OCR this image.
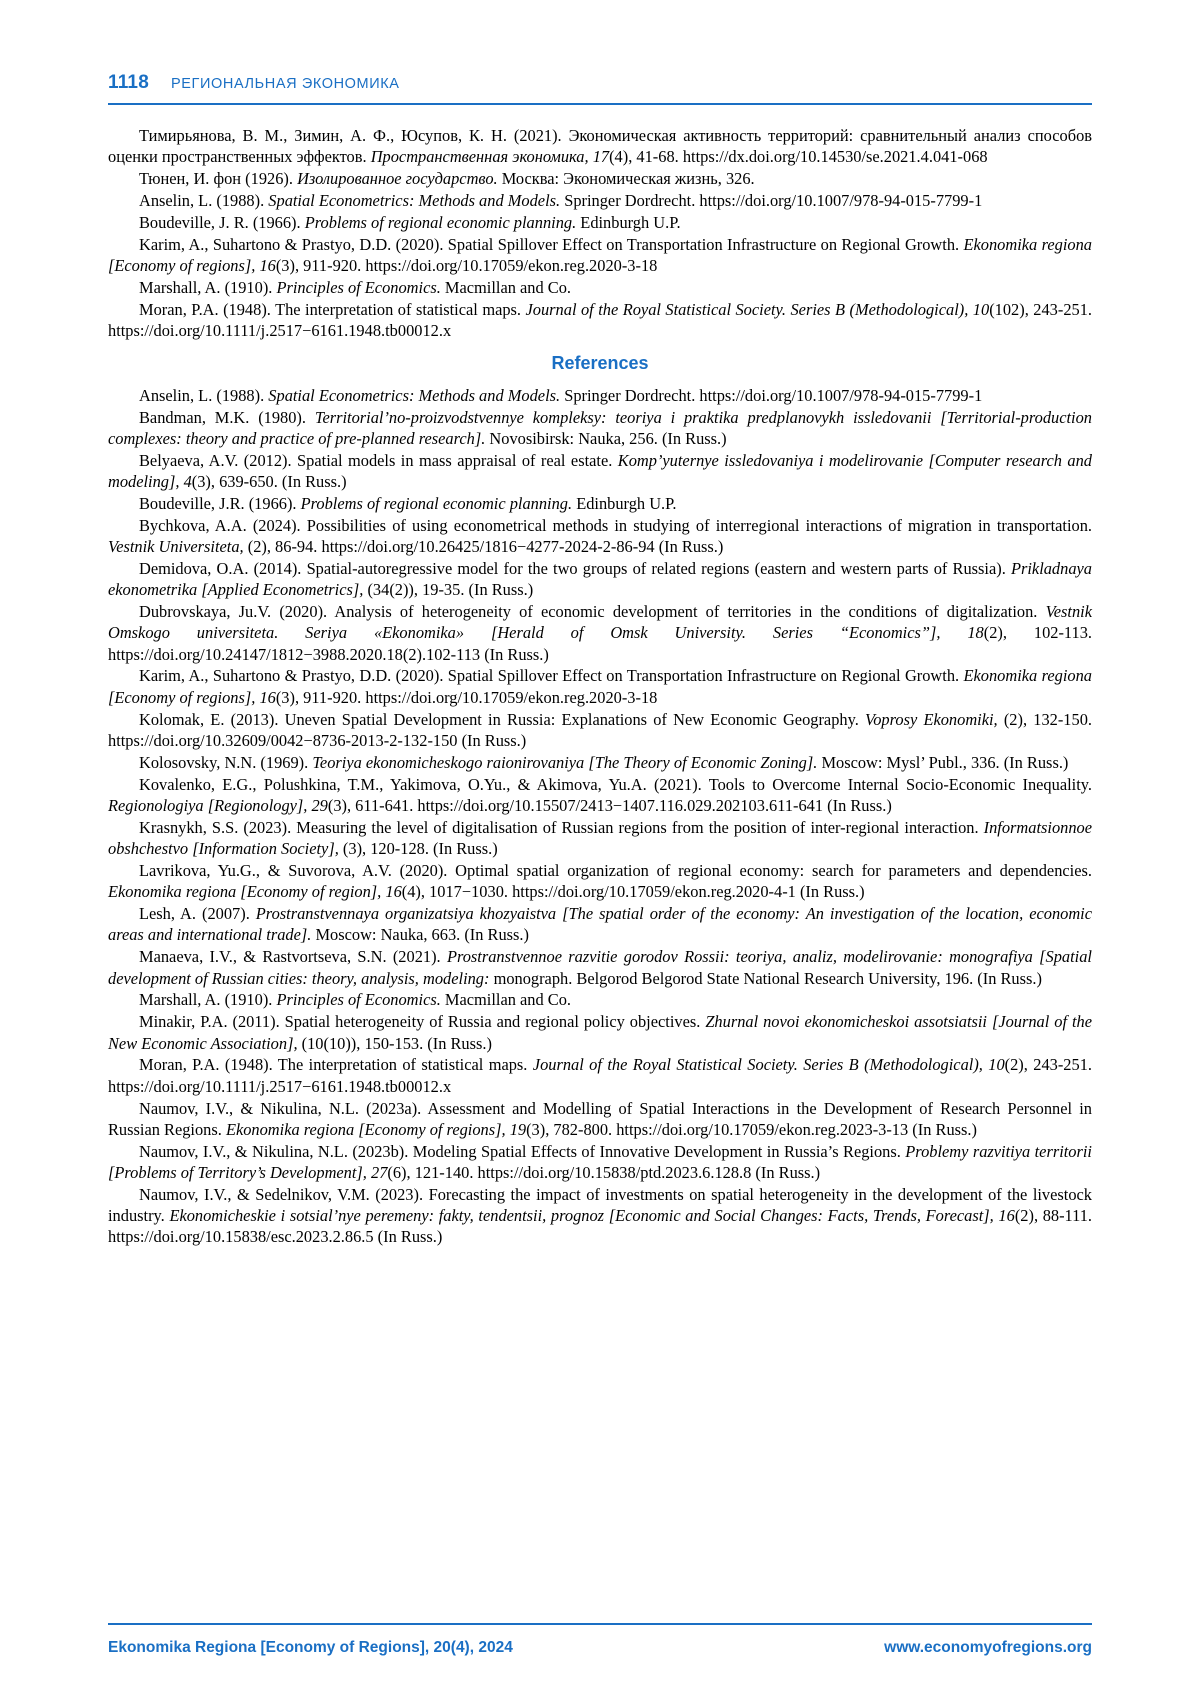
1118 РЕГИОНАЛЬНАЯ ЭКОНОМИКА

Тимирьянова, В. М., Зимин, А. Ф., Юсупов, К. Н. (2021). Экономическая активность территорий: сравнительный анализ способов оценки пространственных эффектов. Пространственная экономика, 17(4), 41-68. https://dx.doi.org/10.14530/se.2021.4.041-068

Тюнен, И. фон (1926). Изолированное государство. Москва: Экономическая жизнь, 326.

Anselin, L. (1988). Spatial Econometrics: Methods and Models. Springer Dordrecht. https://doi.org/10.1007/978-94-015-7799-1

Boudeville, J. R. (1966). Problems of regional economic planning. Edinburgh U.P.

Karim, A., Suhartono & Prastyo, D.D. (2020). Spatial Spillover Effect on Transportation Infrastructure on Regional Growth. Ekonomika regiona [Economy of regions], 16(3), 911-920. https://doi.org/10.17059/ekon.reg.2020-3-18

Marshall, A. (1910). Principles of Economics. Macmillan and Co.

Moran, P.A. (1948). The interpretation of statistical maps. Journal of the Royal Statistical Society. Series B (Methodological), 10(102), 243-251. https://doi.org/10.1111/j.2517−6161.1948.tb00012.x

References

Anselin, L. (1988). Spatial Econometrics: Methods and Models. Springer Dordrecht. https://doi.org/10.1007/978-94-015-7799-1

Bandman, M.K. (1980). Territorial’no-proizvodstvennye kompleksy: teoriya i praktika predplanovykh issledovanii [Territorial-production complexes: theory and practice of pre-planned research]. Novosibirsk: Nauka, 256. (In Russ.)

Belyaeva, A.V. (2012). Spatial models in mass appraisal of real estate. Komp’yuternye issledovaniya i modelirovanie [Computer research and modeling], 4(3), 639-650. (In Russ.)

Boudeville, J.R. (1966). Problems of regional economic planning. Edinburgh U.P.

Bychkova, A.A. (2024). Possibilities of using econometrical methods in studying of interregional interactions of migration in transportation. Vestnik Universiteta, (2), 86-94. https://doi.org/10.26425/1816−4277-2024-2-86-94 (In Russ.)

Demidova, O.A. (2014). Spatial-autoregressive model for the two groups of related regions (eastern and western parts of Russia). Prikladnaya ekonometrika [Applied Econometrics], (34(2)), 19-35. (In Russ.)

Dubrovskaya, Ju.V. (2020). Analysis of heterogeneity of economic development of territories in the conditions of digitalization. Vestnik Omskogo universiteta. Seriya «Ekonomika» [Herald of Omsk University. Series “Economics”], 18(2), 102-113. https://doi.org/10.24147/1812−3988.2020.18(2).102-113 (In Russ.)

Karim, A., Suhartono & Prastyo, D.D. (2020). Spatial Spillover Effect on Transportation Infrastructure on Regional Growth. Ekonomika regiona [Economy of regions], 16(3), 911-920. https://doi.org/10.17059/ekon.reg.2020-3-18

Kolomak, E. (2013). Uneven Spatial Development in Russia: Explanations of New Economic Geography. Voprosy Ekonomiki, (2), 132-150. https://doi.org/10.32609/0042−8736-2013-2-132-150 (In Russ.)

Kolosovsky, N.N. (1969). Teoriya ekonomicheskogo raionirovaniya [The Theory of Economic Zoning]. Moscow: Mysl’ Publ., 336. (In Russ.)

Kovalenko, E.G., Polushkina, T.M., Yakimova, O.Yu., & Akimova, Yu.A. (2021). Tools to Overcome Internal Socio-Economic Inequality. Regionologiya [Regionology], 29(3), 611-641. https://doi.org/10.15507/2413−1407.116.029.202103.611-641 (In Russ.)

Krasnykh, S.S. (2023). Measuring the level of digitalisation of Russian regions from the position of inter-regional interaction. Informatsionnoe obshchestvo [Information Society], (3), 120-128. (In Russ.)

Lavrikova, Yu.G., & Suvorova, A.V. (2020). Optimal spatial organization of regional economy: search for parameters and dependencies. Ekonomika regiona [Economy of region], 16(4), 1017−1030. https://doi.org/10.17059/ekon.reg.2020-4-1 (In Russ.)

Lesh, A. (2007). Prostranstvennaya organizatsiya khozyaistva [The spatial order of the economy: An investigation of the location, economic areas and international trade]. Moscow: Nauka, 663. (In Russ.)

Manaeva, I.V., & Rastvortseva, S.N. (2021). Prostranstvennoe razvitie gorodov Rossii: teoriya, analiz, modelirovanie: monografiya [Spatial development of Russian cities: theory, analysis, modeling: monograph. Belgorod Belgorod State National Research University, 196. (In Russ.)

Marshall, A. (1910). Principles of Economics. Macmillan and Co.

Minakir, P.A. (2011). Spatial heterogeneity of Russia and regional policy objectives. Zhurnal novoi ekonomicheskoi assotsiatsii [Journal of the New Economic Association], (10(10)), 150-153. (In Russ.)

Moran, P.A. (1948). The interpretation of statistical maps. Journal of the Royal Statistical Society. Series B (Methodological), 10(2), 243-251. https://doi.org/10.1111/j.2517−6161.1948.tb00012.x

Naumov, I.V., & Nikulina, N.L. (2023a). Assessment and Modelling of Spatial Interactions in the Development of Research Personnel in Russian Regions. Ekonomika regiona [Economy of regions], 19(3), 782-800. https://doi.org/10.17059/ekon.reg.2023-3-13 (In Russ.)

Naumov, I.V., & Nikulina, N.L. (2023b). Modeling Spatial Effects of Innovative Development in Russia’s Regions. Problemy razvitiya territorii [Problems of Territory’s Development], 27(6), 121-140. https://doi.org/10.15838/ptd.2023.6.128.8 (In Russ.)

Naumov, I.V., & Sedelnikov, V.M. (2023). Forecasting the impact of investments on spatial heterogeneity in the development of the livestock industry. Ekonomicheskie i sotsial’nye peremeny: fakty, tendentsii, prognoz [Economic and Social Changes: Facts, Trends, Forecast], 16(2), 88-111. https://doi.org/10.15838/esc.2023.2.86.5 (In Russ.)

Ekonomika Regiona [Economy of Regions], 20(4), 2024	www.economyofregions.org
